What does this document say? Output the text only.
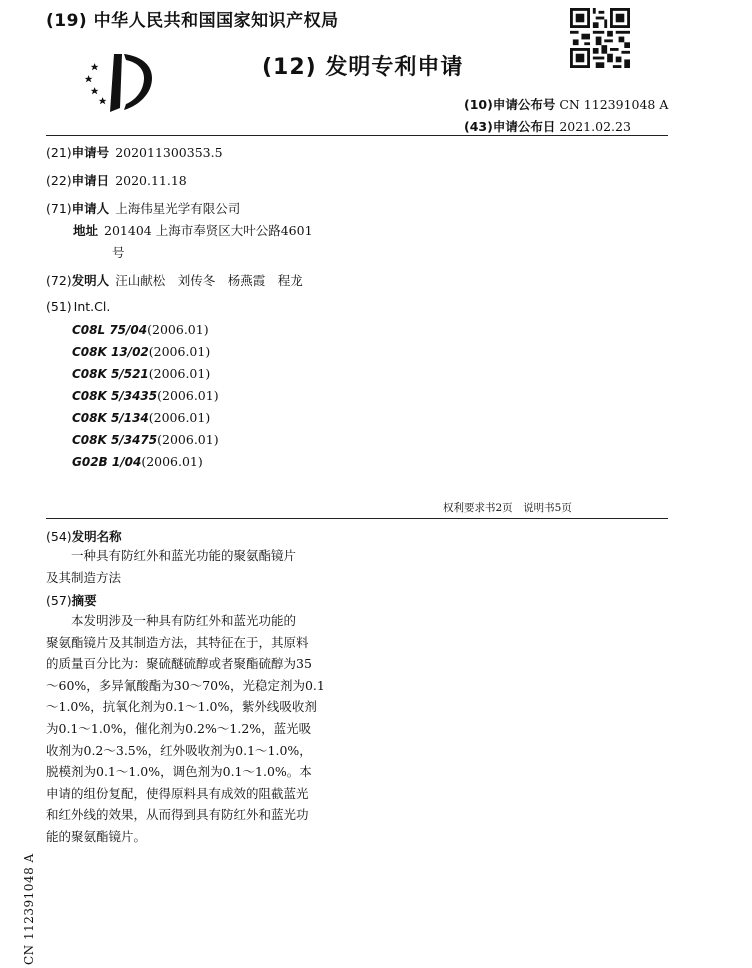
(19) 中华人民共和国国家知识产权局
(12) 发明专利申请
(10)申请公布号 CN 112391048 A
(43)申请公布日 2021.02.23
(21)申请号 202011300353.5
(22)申请日 2020.11.18
(71)申请人 上海伟星光学有限公司
地址 201404 上海市奉贤区大叶公路4601
号
(72)发明人 汪山献松　刘传冬　杨燕霞　程龙
(51) Int.Cl.
C08L 75/04(2006.01)
C08K 13/02(2006.01)
C08K 5/521(2006.01)
C08K 5/3435(2006.01)
C08K 5/134(2006.01)
C08K 5/3475(2006.01)
G02B 1/04(2006.01)
权利要求书2页　说明书5页
(54)发明名称
一种具有防红外和蓝光功能的聚氨酯镜片
及其制造方法
(57)摘要
　　本发明涉及一种具有防红外和蓝光功能的
聚氨酯镜片及其制造方法，其特征在于，其原料
的质量百分比为：聚硫醚硫醇或者聚酯硫醇为35
～60%，多异氰酸酯为30～70%，光稳定剂为0.1
～1.0%，抗氧化剂为0.1～1.0%，紫外线吸收剂
为0.1～1.0%，催化剂为0.2%～1.2%，蓝光吸
收剂为0.2～3.5%，红外吸收剂为0.1～1.0%，
脱模剂为0.1～1.0%，调色剂为0.1～1.0%。本
申请的组份复配，使得原料具有成效的阻截蓝光
和红外线的效果，从而得到具有防红外和蓝光功
能的聚氨酯镜片。
CN 112391048 A
